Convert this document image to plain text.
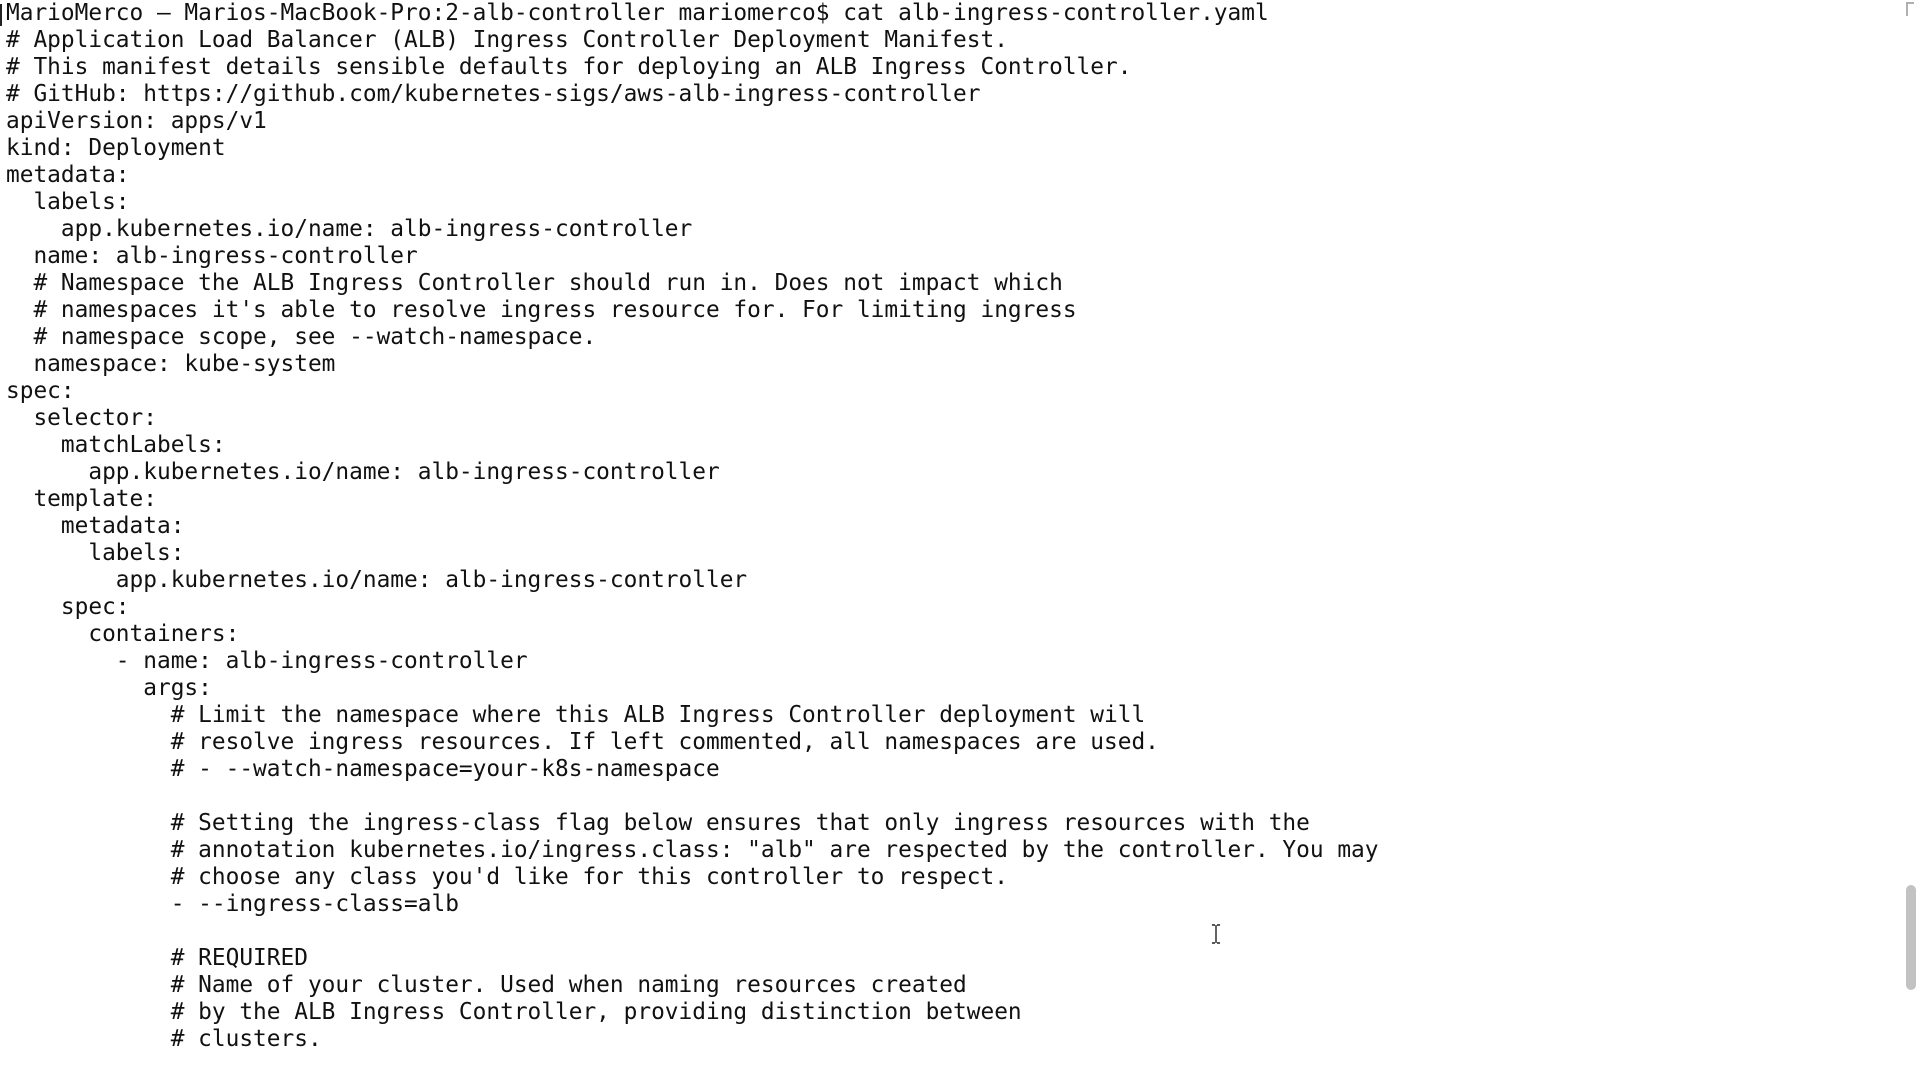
MarioMerco — Marios-MacBook-Pro:2-alb-controller mariomerco$ cat alb-ingress-controller.yaml
# Application Load Balancer (ALB) Ingress Controller Deployment Manifest.
# This manifest details sensible defaults for deploying an ALB Ingress Controller.
# GitHub: https://github.com/kubernetes-sigs/aws-alb-ingress-controller
apiVersion: apps/v1
kind: Deployment
metadata:
labels:
app.kubernetes.io/name: alb-ingress-controller
name: alb-ingress-controller
# Namespace the ALB Ingress Controller should run in. Does not impact which
# namespaces it's able to resolve ingress resource for. For limiting ingress
# namespace scope, see --watch-namespace.
namespace: kube-system
spec:
selector:
matchLabels:
app.kubernetes.io/name: alb-ingress-controller
template:
metadata:
labels:
app.kubernetes.io/name: alb-ingress-controller
spec:
containers:
- name: alb-ingress-controller
args:
# Limit the namespace where this ALB Ingress Controller deployment will
# resolve ingress resources. If left commented, all namespaces are used.
# - --watch-namespace=your-k8s-namespace
# Setting the ingress-class flag below ensures that only ingress resources with the
# annotation kubernetes.io/ingress.class: "alb" are respected by the controller. You may
# choose any class you'd like for this controller to respect.
- --ingress-class=alb
# REQUIRED
# Name of your cluster. Used when naming resources created
# by the ALB Ingress Controller, providing distinction between
# clusters.
